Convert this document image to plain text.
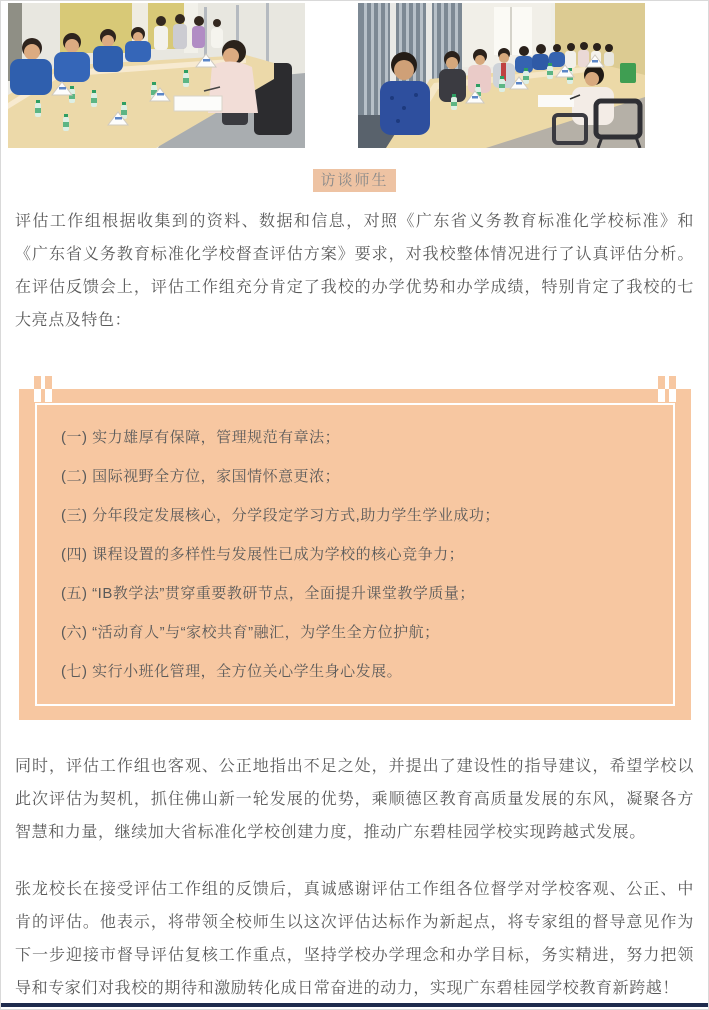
访谈师生

评估工作组根据收集到的资料、数据和信息，对照《广东省义务教育标准化学校标准》和《广东省义务教育标准化学校督查评估方案》要求，对我校整体情况进行了认真评估分析。在评估反馈会上，评估工作组充分肯定了我校的办学优势和办学成绩，特别肯定了我校的七大亮点及特色：

(一) 实力雄厚有保障，管理规范有章法；
(二) 国际视野全方位，家国情怀意更浓；
(三) 分年段定发展核心，分学段定学习方式,助力学生学业成功；
(四) 课程设置的多样性与发展性已成为学校的核心竞争力；
(五) “IB教学法”贯穿重要教研节点，全面提升课堂教学质量；
(六) “活动育人”与“家校共育”融汇，为学生全方位护航；
(七) 实行小班化管理，全方位关心学生身心发展。

同时，评估工作组也客观、公正地指出不足之处，并提出了建设性的指导建议，希望学校以此次评估为契机，抓住佛山新一轮发展的优势，乘顺德区教育高质量发展的东风，凝聚各方智慧和力量，继续加大省标准化学校创建力度，推动广东碧桂园学校实现跨越式发展。

张龙校长在接受评估工作组的反馈后，真诚感谢评估工作组各位督学对学校客观、公正、中肯的评估。他表示，将带领全校师生以这次评估达标作为新起点，将专家组的督导意见作为下一步迎接市督导评估复核工作重点，坚持学校办学理念和办学目标，务实精进，努力把领导和专家们对我校的期待和激励转化成日常奋进的动力，实现广东碧桂园学校教育新跨越！
